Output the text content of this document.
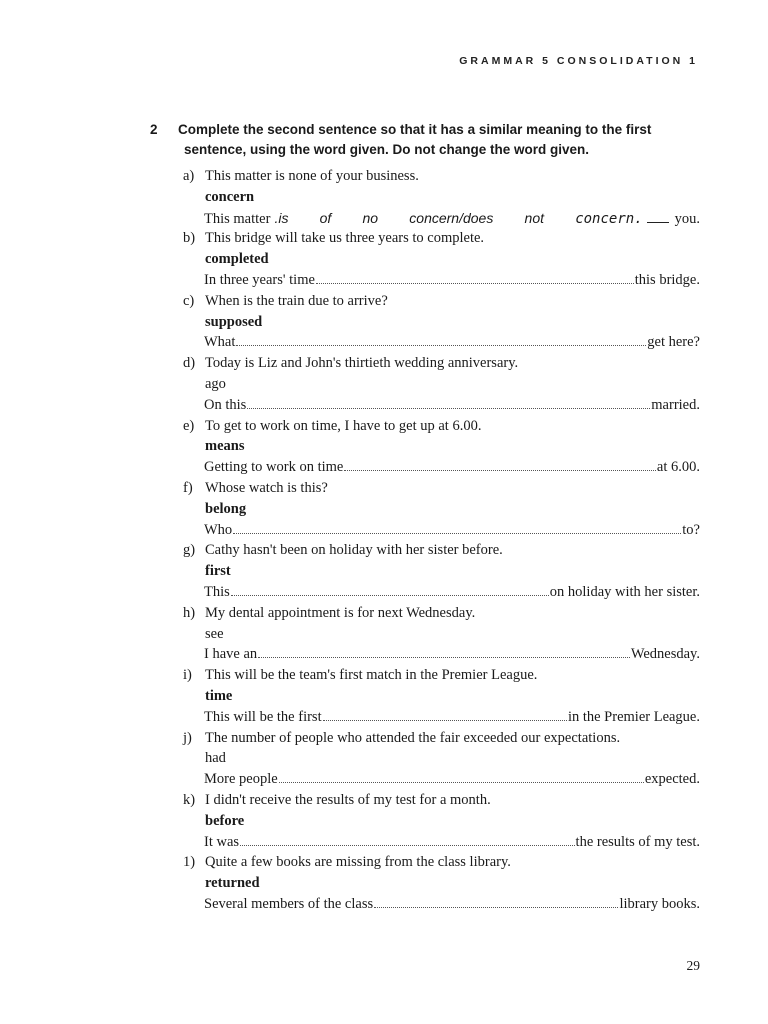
GRAMMAR 5 CONSOLIDATION 1
2 Complete the second sentence so that it has a similar meaning to the first
sentence, using the word given. Do not change the word given.
a) This matter is none of your business.
concern
This matter .is of no concern/does not concern.	you.
b) This bridge will take us three years to complete.
completed
In three years' time	this bridge.
c) When is the train due to arrive?
supposed
What	get here?
d) Today is Liz and John's thirtieth wedding anniversary.
ago
On this	married.
e) To get to work on time, I have to get up at 6.00.
means
Getting to work on time	at 6.00.
f) Whose watch is this?
belong
Who	to?
g) Cathy hasn't been on holiday with her sister before.
first
This	on holiday with her sister.
h) My dental appointment is for next Wednesday.
see
I have an	Wednesday.
i) This will be the team's first match in the Premier League.
time
This will be the first	in the Premier League.
j) The number of people who attended the fair exceeded our expectations.
had
More people	expected.
k) I didn't receive the results of my test for a month.
before
It was	the results of my test.
1) Quite a few books are missing from the class library.
returned
Several members of the class	library books.
29
